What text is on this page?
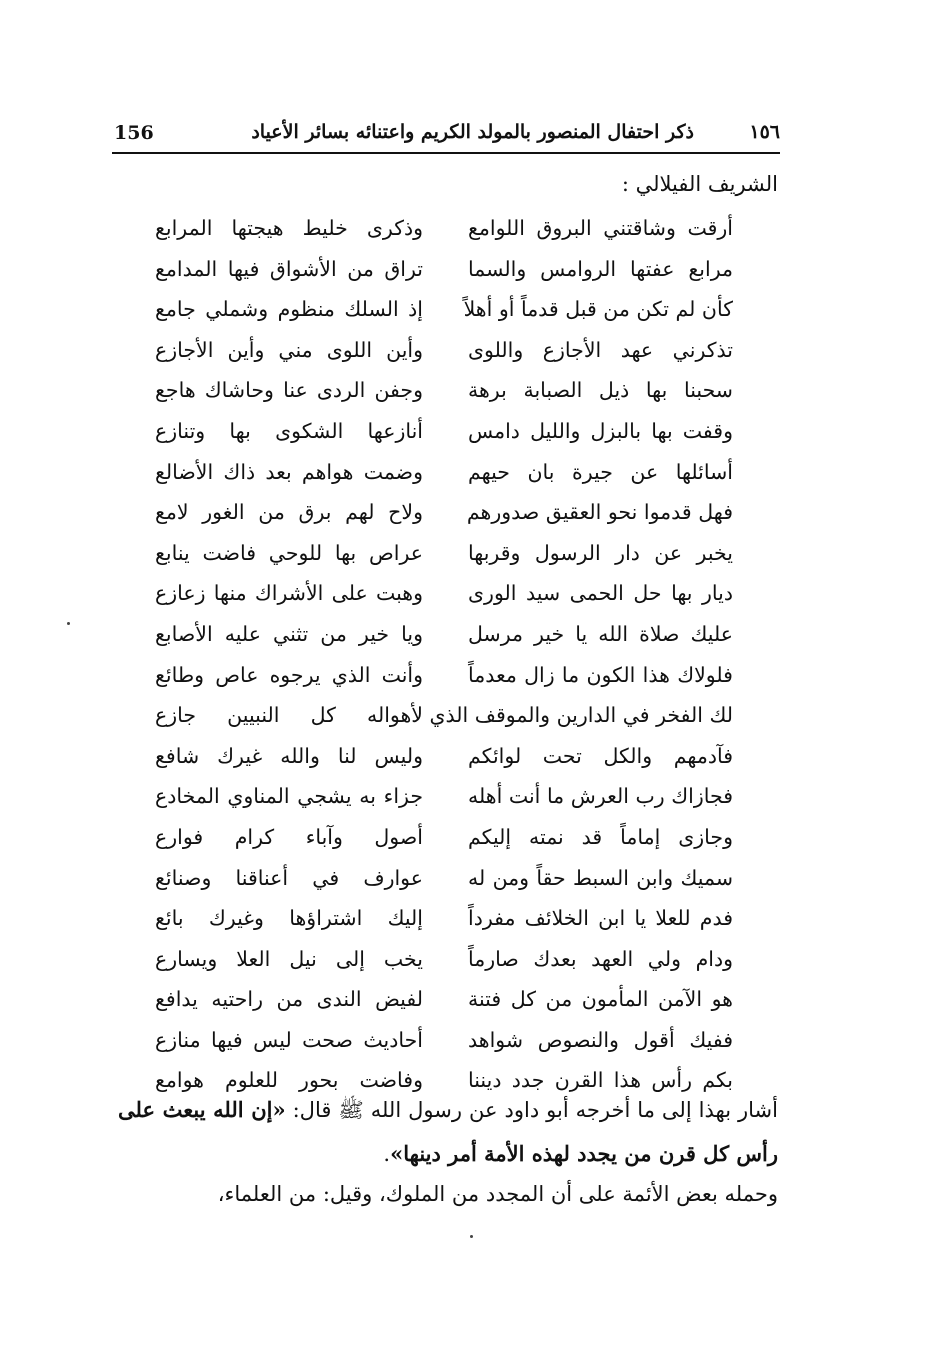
156	ذكر احتفال المنصور بالمولد الكريم واعتنائه بسائر الأعياد	١٥٦
الشريف الفيلالي :
أرقت وشاقتني البروق اللوامع
وذكرى خليط هيجتها المرابع
مرابع عفتها الروامس والسما
تراق من الأشواق فيها المدامع
كأن لم تكن من قبل قدماً أو أهلاً
إذ السلك منظوم وشملي جامع
تذكرني عهد الأجازع واللوى
وأين اللوى مني وأين الأجازع
سحبنا بها ذيل الصبابة برهة
وجفن الردى عنا وحاشاك هاجع
وقفت بها بالبزل والليل دامس
أنازعها الشكوى بها وتنازع
أسائلها عن جيرة بان حيهم
وضمت هواهم بعد ذاك الأضالع
فهل قدموا نحو العقيق صدورهم
ولاح لهم برق من الغور لامع
يخبر عن دار الرسول وقربها
عراص بها للوحي فاضت ينابع
ديار بها حل الحمى سيد الورى
وهبت على الأشراك منها زعازع
عليك صلاة الله يا خير مرسل
ويا خير من تثني عليه الأصابع
فلولاك هذا الكون ما زال معدماً
وأنت الذي يرجوه عاص وطائع
لك الفخر في الدارين والموقف الذي
لأهواله كل النبيين جازع
فآدمهم والكل تحت لوائكم
وليس لنا والله غيرك شافع
فجازاك رب العرش ما أنت أهله
جزاء به يشجي المناوي المخادع
وجازى إماماً قد نمته إليكم
أصول وآباء كرام فوارع
سميك وابن السبط حقاً ومن له
عوارف في أعناقنا وصنائع
فدم للعلا يا ابن الخلائف مفرداً
إليك اشتراؤها وغيرك بائع
ودام ولي العهد بعدك صارماً
يخب إلى نيل العلا ويسارع
هو الآمن المأمون من كل فتنة
لفيض الندى من راحتيه يدافع
ففيك أقول والنصوص شواهد
أحاديث صحت ليس فيها منازع
بكم رأس هذا القرن جدد ديننا
وفاضت بحور للعلوم هوامع
أشار بهذا إلى ما أخرجه أبو داود عن رسول الله ﷺ قال: «إن الله يبعث على رأس كل قرن من يجدد لهذه الأمة أمر دينها».
وحمله بعض الأئمة على أن المجدد من الملوك، وقيل: من العلماء،
